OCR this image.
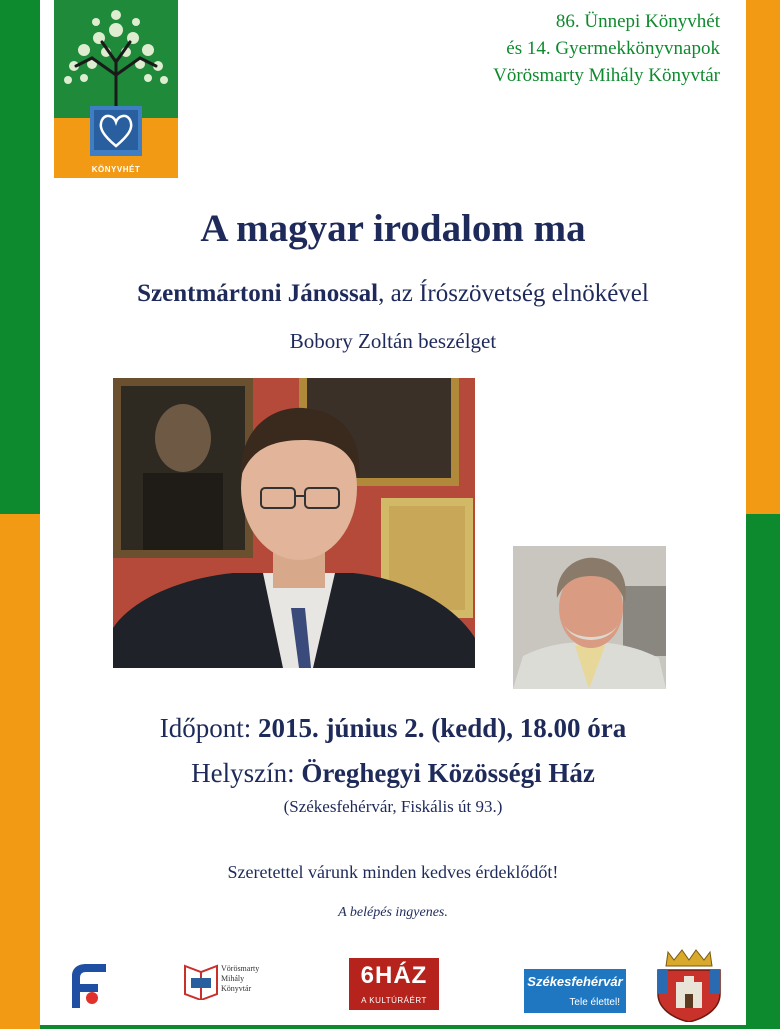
KÖNYVHÉT
86. Ünnepi Könyvhét
és 14. Gyermekkönyvnapok
Vörösmarty Mihály Könyvtár
A magyar irodalom ma
Szentmártoni Jánossal, az Írószövetség elnökével
Bobory Zoltán beszélget
Időpont: 2015. június 2. (kedd), 18.00 óra
Helyszín: Öreghegyi Közösségi Ház
(Székesfehérvár, Fiskális út 93.)
Szeretettel várunk minden kedves érdeklődőt!
A belépés ingyenes.
Vörösmarty
Mihály
Könyvtár	6HÁZ
A KULTÚRÁÉRT
Székesfehérvár
Tele élettel!
